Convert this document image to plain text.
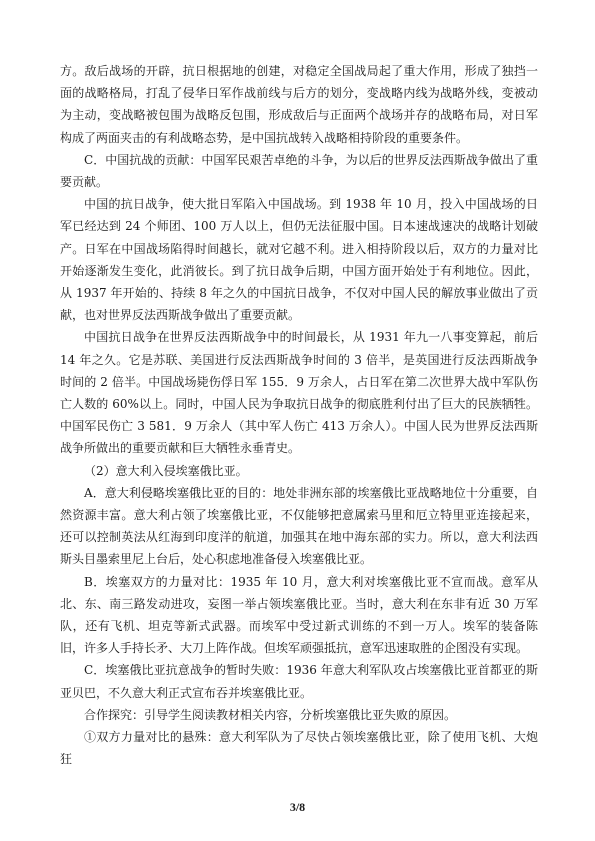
方。敌后战场的开辟，抗日根据地的创建，对稳定全国战局起了重大作用，形成了独挡一面的战略格局，打乱了侵华日军作战前线与后方的划分，变战略内线为战略外线，变被动为主动，变战略被包围为战略反包围，形成敌后与正面两个战场并存的战略布局，对日军构成了两面夹击的有利战略态势，是中国抗战转入战略相持阶段的重要条件。

C．中国抗战的贡献：中国军民艰苦卓绝的斗争，为以后的世界反法西斯战争做出了重要贡献。

中国的抗日战争，使大批日军陷入中国战场。到 1938 年 10 月，投入中国战场的日军已经达到 24 个师团、100 万人以上，但仍无法征服中国。日本速战速决的战略计划破产。日军在中国战场陷得时间越长，就对它越不利。进入相持阶段以后，双方的力量对比开始逐渐发生变化，此消彼长。到了抗日战争后期，中国方面开始处于有利地位。因此，从 1937 年开始的、持续 8 年之久的中国抗日战争，不仅对中国人民的解放事业做出了贡献，也对世界反法西斯战争做出了重要贡献。

中国抗日战争在世界反法西斯战争中的时间最长，从 1931 年九一八事变算起，前后 14 年之久。它是苏联、美国进行反法西斯战争时间的 3 倍半，是英国进行反法西斯战争时间的 2 倍半。中国战场毙伤俘日军 155．9 万余人，占日军在第二次世界大战中军队伤亡人数的 60%以上。同时，中国人民为争取抗日战争的彻底胜利付出了巨大的民族牺牲。中国军民伤亡 3 581．9 万余人（其中军人伤亡 413 万余人）。中国人民为世界反法西斯战争所做出的重要贡献和巨大牺牲永垂青史。

（2）意大利入侵埃塞俄比亚。

A．意大利侵略埃塞俄比亚的目的：地处非洲东部的埃塞俄比亚战略地位十分重要，自然资源丰富。意大利占领了埃塞俄比亚，不仅能够把意属索马里和厄立特里亚连接起来，还可以控制英法从红海到印度洋的航道，加强其在地中海东部的实力。所以，意大利法西斯头目墨索里尼上台后，处心积虑地准备侵入埃塞俄比亚。

B．埃塞双方的力量对比：1935 年 10 月，意大利对埃塞俄比亚不宣而战。意军从北、东、南三路发动进攻，妄图一举占领埃塞俄比亚。当时，意大利在东非有近 30 万军队，还有飞机、坦克等新式武器。而埃军中受过新式训练的不到一万人。埃军的装备陈旧，许多人手持长矛、大刀上阵作战。但埃军顽强抵抗，意军迅速取胜的企图没有实现。

C．埃塞俄比亚抗意战争的暂时失败：1936 年意大利军队攻占埃塞俄比亚首都亚的斯亚贝巴，不久意大利正式宣布吞并埃塞俄比亚。

合作探究：引导学生阅读教材相关内容，分析埃塞俄比亚失败的原因。

①双方力量对比的悬殊：意大利军队为了尽快占领埃塞俄比亚，除了使用飞机、大炮狂

3/8
